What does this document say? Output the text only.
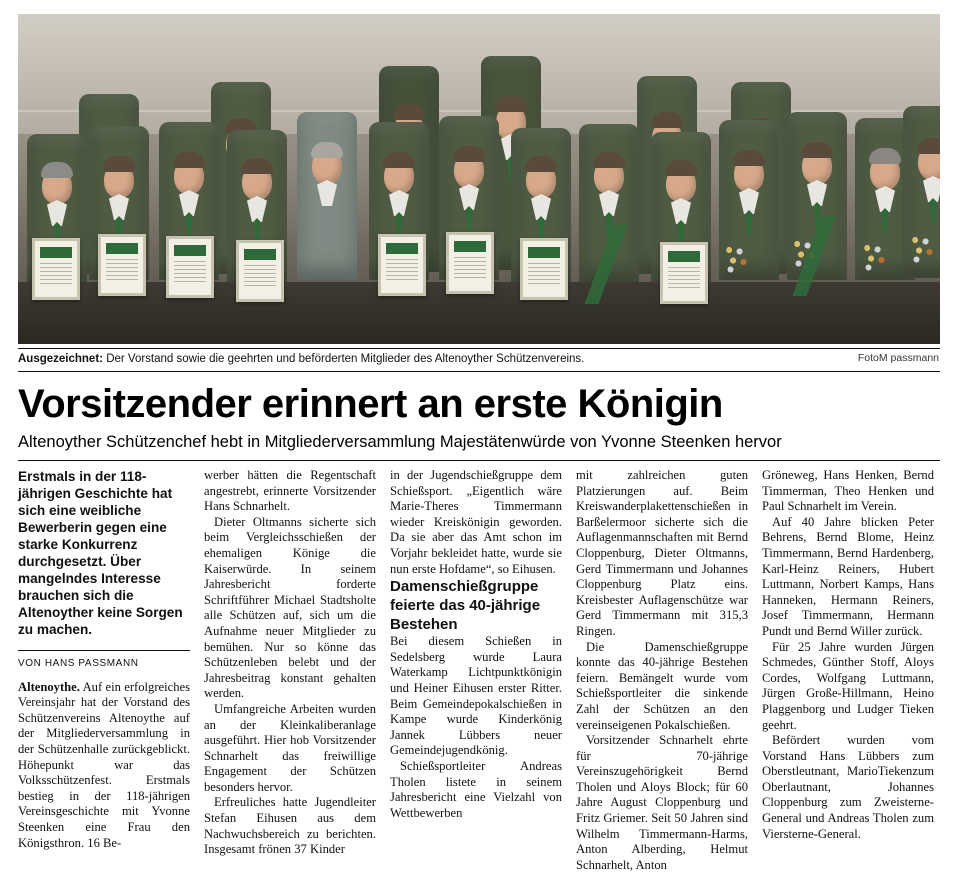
Ausgezeichnet: Der Vorstand sowie die geehrten und beförderten Mitglieder des Altenoyther Schützenvereins.	FotoM passmann
Vorsitzender erinnert an erste Königin
Altenoyther Schützenchef hebt in Mitgliederversammlung Majestätenwürde von Yvonne Steenken hervor

Erstmals in der 118-jährigen Geschichte hat sich eine weibliche Bewerberin gegen eine starke Konkurrenz durchgesetzt. Über mangelndes Interesse brauchen sich die Altenoyther keine Sorgen zu machen.

VON HANS PASSMANN

Altenoythe. Auf ein erfolgreiches Vereinsjahr hat der Vorstand des Schützenvereins Altenoythe auf der Mitgliederversammlung in der Schützenhalle zurückgeblickt. Höhepunkt war das Volksschützenfest. Erstmals bestieg in der 118-jährigen Vereinsgeschichte mit Yvonne Steenken eine Frau den Königsthron. 16 Be-

werber hätten die Regentschaft angestrebt, erinnerte Vorsitzender Hans Schnarhelt.

Dieter Oltmanns sicherte sich beim Vergleichsschießen der ehemaligen Könige die Kaiserwürde. In seinem Jahresbericht forderte Schriftführer Michael Stadtsholte alle Schützen auf, sich um die Aufnahme neuer Mitglieder zu bemühen. Nur so könne das Schützenleben belebt und der Jahresbeitrag konstant gehalten werden.

Umfangreiche Arbeiten wurden an der Kleinkaliberanlage ausgeführt. Hier hob Vorsitzender Schnarhelt das freiwillige Engagement der Schützen besonders hervor.

Erfreuliches hatte Jugendleiter Stefan Eihusen aus dem Nachwuchsbereich zu berichten. Insgesamt frönen 37 Kinder

in der Jugendschießgruppe dem Schießsport. „Eigentlich wäre Marie-Theres Timmermann wieder Kreiskönigin geworden. Da sie aber das Amt schon im Vorjahr bekleidet hatte, wurde sie nun erste Hofdame“, so Eihusen.

Damenschießgruppe feierte das 40-jährige Bestehen

Bei diesem Schießen in Sedelsberg wurde Laura Waterkamp Lichtpunktkönigin und Heiner Eihusen erster Ritter. Beim Gemeindepokalschießen in Kampe wurde Kinderkönig Jannek Lübbers neuer Gemeindejugendkönig.

Schießsportleiter Andreas Tholen listete in seinem Jahresbericht eine Vielzahl von Wettbewerben

mit zahlreichen guten Platzierungen auf. Beim Kreiswanderplakettenschießen in Barßelermoor sicherte sich die Auflagenmannschaften mit Bernd Cloppenburg, Dieter Oltmanns, Gerd Timmermann und Johannes Cloppenburg Platz eins. Kreisbester Auflagenschütze war Gerd Timmermann mit 315,3 Ringen.

Die Damenschießgruppe konnte das 40-jährige Bestehen feiern. Bemängelt wurde vom Schießsportleiter die sinkende Zahl der Schützen an den vereinseigenen Pokalschießen.

Vorsitzender Schnarhelt ehrte für 70-jährige Vereinszugehörigkeit Bernd Tholen und Aloys Block; für 60 Jahre August Cloppenburg und Fritz Griemer. Seit 50 Jahren sind Wilhelm Timmermann-Harms, Anton Alberding, Helmut Schnarhelt, Anton

Gröneweg, Hans Henken, Bernd Timmerman, Theo Henken und Paul Schnarhelt im Verein.

Auf 40 Jahre blicken Peter Behrens, Bernd Blome, Heinz Timmermann, Bernd Hardenberg, Karl-Heinz Reiners, Hubert Luttmann, Norbert Kamps, Hans Hanneken, Hermann Reiners, Josef Timmermann, Hermann Pundt und Bernd Willer zurück.

Für 25 Jahre wurden Jürgen Schmedes, Günther Stoff, Aloys Cordes, Wolfgang Luttmann, Jürgen Große-Hillmann, Heino Plaggenborg und Ludger Tieken geehrt.

Befördert wurden vom Vorstand Hans Lübbers zum Oberstleutnant, MarioTiekenzum Oberlautnant, Johannes Cloppenburg zum Zweisterne-General und Andreas Tholen zum Viersterne-General.
